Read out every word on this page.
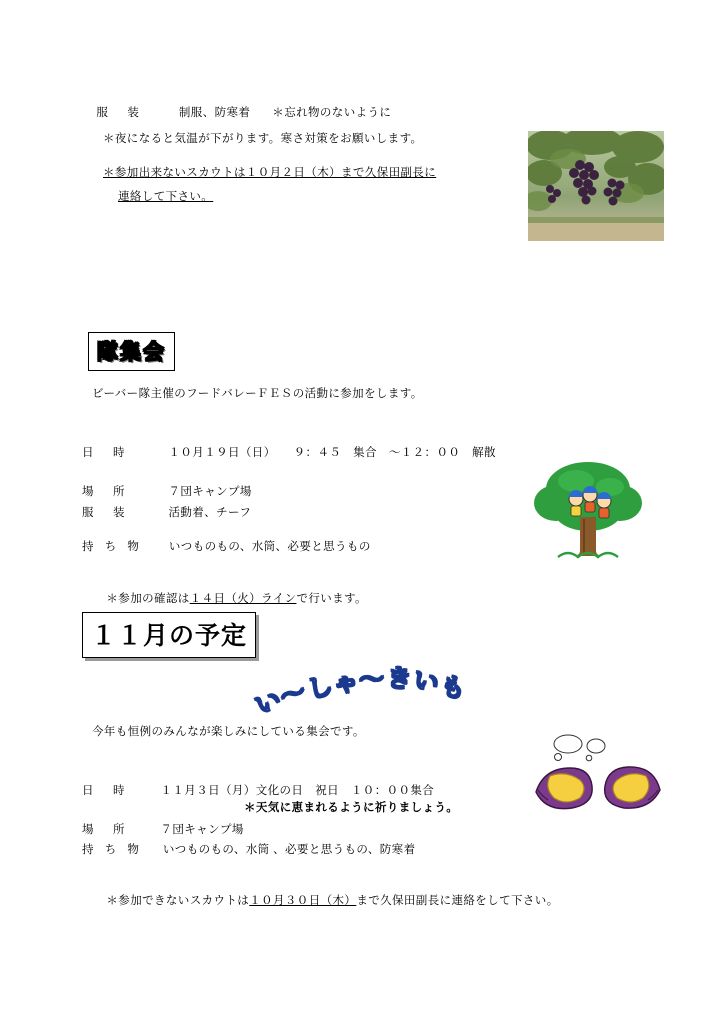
服　装	制服、防寒着 ＊忘れ物のないように

＊夜になると気温が下がります。寒さ対策をお願いします。
＊参加出来ないスカウトは１０月２日（木）まで久保田副長に
連絡して下さい。
隊集会
ビーバー隊主催のフードバレーＦＥＳの活動に参加をします。
日　時	１０月１９日（日）　　９：４５　集合　～１２：００　解散
場　所	７団キャンプ場
服　装	活動着、チーフ
持 ち 物 いつものもの、水筒、必要と思うもの

＊参加の確認は１４日（火）ラインで行います。

１１月の予定
い
～
し
ゃ
～ き い
も
今年も恒例のみんなが楽しみにしている集会です。
日　時	１１月３日（月）文化の日　祝日　１０：００集合
＊天気に恵まれるように祈りましょう。
場　所	７団キャンプ場
持 ち 物 いつものもの、水筒 、必要と思うもの、防寒着

＊参加できないスカウトは１０月３０日（木）まで久保田副長に連絡をして下さい。
